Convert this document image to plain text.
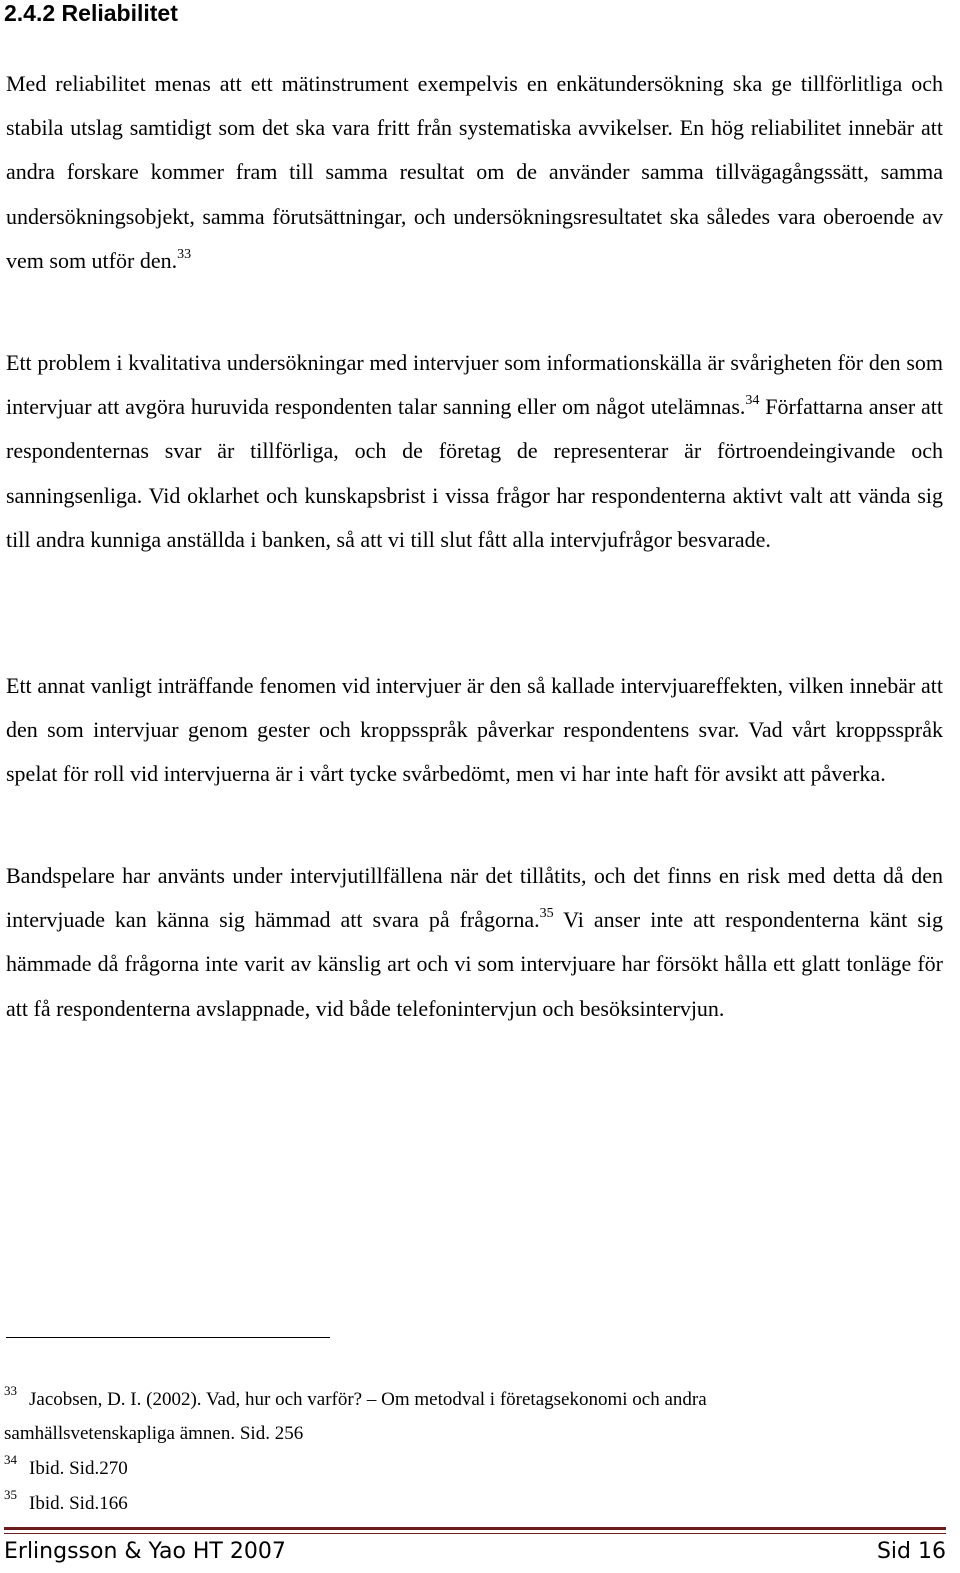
2.4.2 Reliabilitet
Med reliabilitet menas att ett mätinstrument exempelvis en enkätundersökning ska ge tillförlitliga och stabila utslag samtidigt som det ska vara fritt från systematiska avvikelser. En hög reliabilitet innebär att andra forskare kommer fram till samma resultat om de använder samma tillvägagångssätt, samma undersökningsobjekt, samma förutsättningar, och undersökningsresultatet ska således vara oberoende av vem som utför den.$^{33}$
Ett problem i kvalitativa undersökningar med intervjuer som informationskälla är svårigheten för den som intervjuar att avgöra huruvida respondenten talar sanning eller om något utelämnas.$^{34}$ Författarna anser att respondenternas svar är tillförliga, och de företag de representerar är förtroendeingivande och sanningsenliga. Vid oklarhet och kunskapsbrist i vissa frågor har respondenterna aktivt valt att vända sig till andra kunniga anställda i banken, så att vi till slut fått alla intervjufrågor besvarade.
Ett annat vanligt inträffande fenomen vid intervjuer är den så kallade intervjuareffekten, vilken innebär att den som intervjuar genom gester och kroppsspråk påverkar respondentens svar. Vad vårt kroppsspråk spelat för roll vid intervjuerna är i vårt tycke svårbedömt, men vi har inte haft för avsikt att påverka.
Bandspelare har använts under intervjutillfällena när det tillåtits, och det finns en risk med detta då den intervjuade kan känna sig hämmad att svara på frågorna.$^{35}$ Vi anser inte att respondenterna känt sig hämmade då frågorna inte varit av känslig art och vi som intervjuare har försökt hålla ett glatt tonläge för att få respondenterna avslappnade, vid både telefonintervjun och besöksintervjun.
$^{33}$ Jacobsen, D. I. (2002). Vad, hur och varför? – Om metodval i företagsekonomi och andra
samhällsvetenskapliga ämnen. Sid. 256
$^{34}$ Ibid. Sid.270
$^{35}$ Ibid. Sid.166
Erlingsson & Yao HT 2007	Sid 16
